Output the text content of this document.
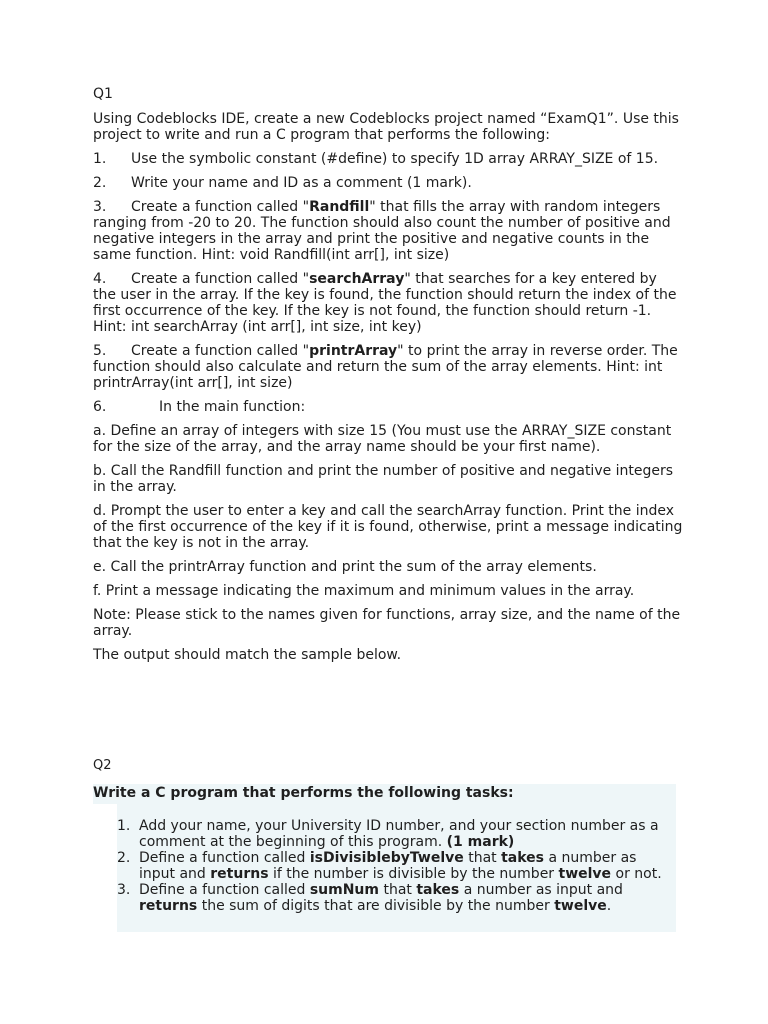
Q1

Using Codeblocks IDE, create a new Codeblocks project named “ExamQ1”. Use this project to write and run a C program that performs the following:

1. Use the symbolic constant (#define) to specify 1D array ARRAY_SIZE of 15.

2. Write your name and ID as a comment (1 mark).

3. Create a function called "Randfill" that fills the array with random integers ranging from -20 to 20. The function should also count the number of positive and negative integers in the array and print the positive and negative counts in the same function. Hint: void Randfill(int arr[], int size)

4. Create a function called "searchArray" that searches for a key entered by the user in the array. If the key is found, the function should return the index of the first occurrence of the key. If the key is not found, the function should return -1. Hint: int searchArray (int arr[], int size, int key)

5. Create a function called "printrArray" to print the array in reverse order. The function should also calculate and return the sum of the array elements. Hint: int printrArray(int arr[], int size)

6.	In the main function:

a. Define an array of integers with size 15 (You must use the ARRAY_SIZE constant for the size of the array, and the array name should be your first name).

b. Call the Randfill function and print the number of positive and negative integers in the array.

d. Prompt the user to enter a key and call the searchArray function. Print the index of the first occurrence of the key if it is found, otherwise, print a message indicating that the key is not in the array.

e. Call the printrArray function and print the sum of the array elements.

f. Print a message indicating the maximum and minimum values in the array.

Note: Please stick to the names given for functions, array size, and the name of the array.

The output should match the sample below.

Q2
Write a C program that performs the following tasks:
1. Add your name, your University ID number, and your section number as a comment at the beginning of this program. (1 mark)
2. Define a function called isDivisiblebyTwelve that takes a number as input and returns if the number is divisible by the number twelve or not.
3. Define a function called sumNum that takes a number as input and returns the sum of digits that are divisible by the number twelve.
